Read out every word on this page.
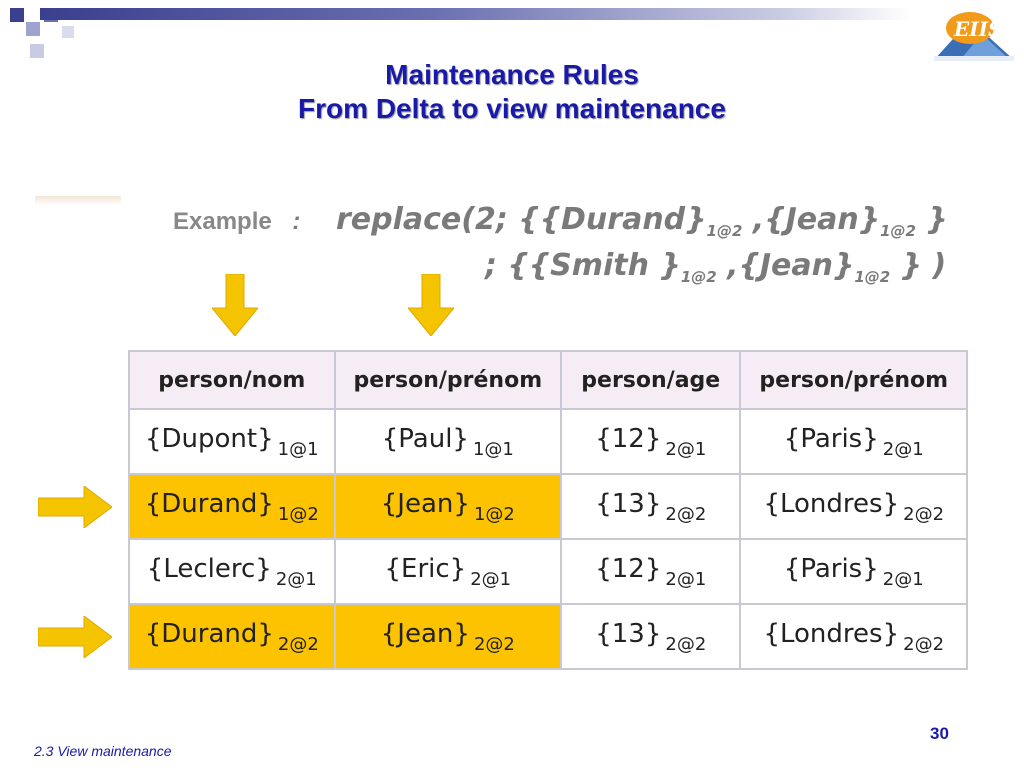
EIIS
Maintenance Rules
From Delta to view maintenance
Example : replace(2; {$\{Durand\}_{1@2}$ $,\{Jean\}_{1@2}$ }
; {{Smith }$_{1@2}$ $,\{Jean\}_{1@2}$ } )
person/nom	person/prénom	person/age	person/prénom
{Dupont} $_{1@1}$	{Paul} $_{1@1}$	{12} $_{2@1}$	{Paris} $_{2@1}$
{Durand} $_{1@2}$	{Jean} $_{1@2}$	{13} $_{2@2}$	{Londres} $_{2@2}$
{Leclerc} $_{2@1}$	{Eric} $_{2@1}$	{12} $_{2@1}$	{Paris} $_{2@1}$
{Durand} $_{2@2}$	{Jean} $_{2@2}$	{13} $_{2@2}$	{Londres} $_{2@2}$
30
2.3 View maintenance
